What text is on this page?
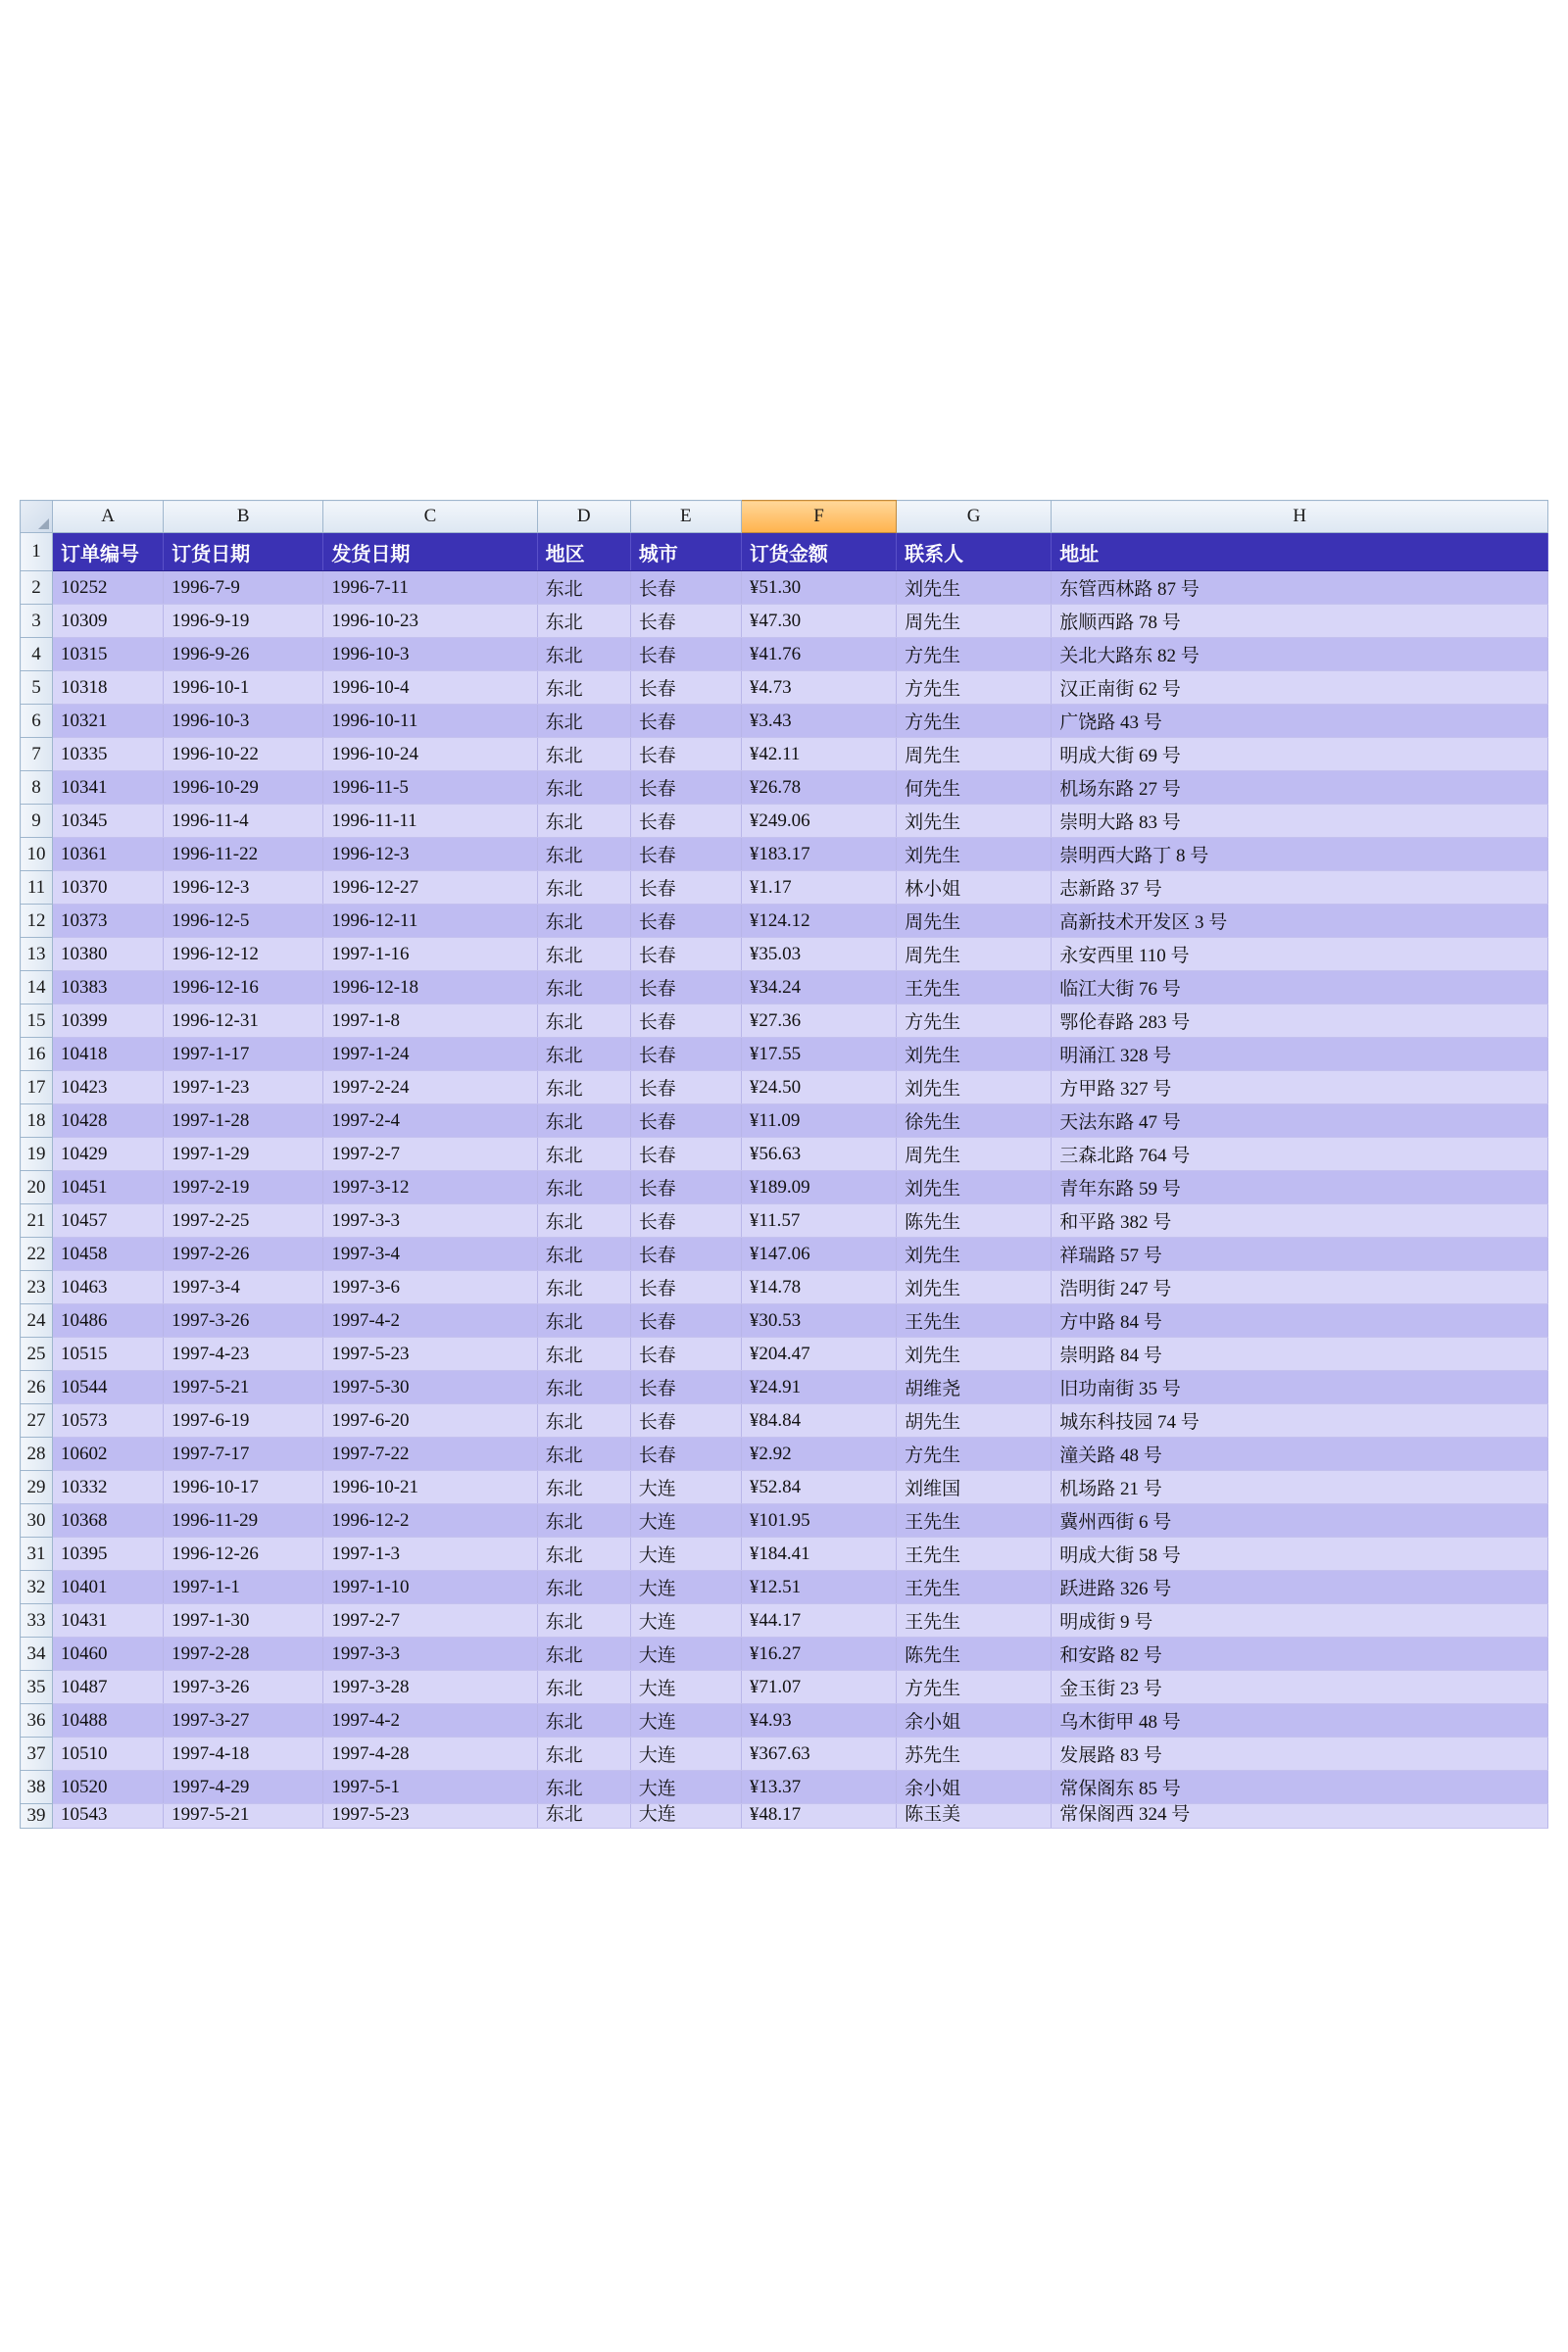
	A	B	C	D	E	F	G	H
1	订单编号	订货日期	发货日期	地区	城市	订货金额	联系人	地址
2	10252	1996-7-9	1996-7-11	东北	长春	¥51.30	刘先生	东管西林路 87 号
3	10309	1996-9-19	1996-10-23	东北	长春	¥47.30	周先生	旅顺西路 78 号
4	10315	1996-9-26	1996-10-3	东北	长春	¥41.76	方先生	关北大路东 82 号
5	10318	1996-10-1	1996-10-4	东北	长春	¥4.73	方先生	汉正南街 62 号
6	10321	1996-10-3	1996-10-11	东北	长春	¥3.43	方先生	广饶路 43 号
7	10335	1996-10-22	1996-10-24	东北	长春	¥42.11	周先生	明成大街 69 号
8	10341	1996-10-29	1996-11-5	东北	长春	¥26.78	何先生	机场东路 27 号
9	10345	1996-11-4	1996-11-11	东北	长春	¥249.06	刘先生	崇明大路 83 号
10	10361	1996-11-22	1996-12-3	东北	长春	¥183.17	刘先生	崇明西大路丁 8 号
11	10370	1996-12-3	1996-12-27	东北	长春	¥1.17	林小姐	志新路 37 号
12	10373	1996-12-5	1996-12-11	东北	长春	¥124.12	周先生	高新技术开发区 3 号
13	10380	1996-12-12	1997-1-16	东北	长春	¥35.03	周先生	永安西里 110 号
14	10383	1996-12-16	1996-12-18	东北	长春	¥34.24	王先生	临江大街 76 号
15	10399	1996-12-31	1997-1-8	东北	长春	¥27.36	方先生	鄂伦春路 283 号
16	10418	1997-1-17	1997-1-24	东北	长春	¥17.55	刘先生	明涌江 328 号
17	10423	1997-1-23	1997-2-24	东北	长春	¥24.50	刘先生	方甲路 327 号
18	10428	1997-1-28	1997-2-4	东北	长春	¥11.09	徐先生	天法东路 47 号
19	10429	1997-1-29	1997-2-7	东北	长春	¥56.63	周先生	三森北路 764 号
20	10451	1997-2-19	1997-3-12	东北	长春	¥189.09	刘先生	青年东路 59 号
21	10457	1997-2-25	1997-3-3	东北	长春	¥11.57	陈先生	和平路 382 号
22	10458	1997-2-26	1997-3-4	东北	长春	¥147.06	刘先生	祥瑞路 57 号
23	10463	1997-3-4	1997-3-6	东北	长春	¥14.78	刘先生	浩明街 247 号
24	10486	1997-3-26	1997-4-2	东北	长春	¥30.53	王先生	方中路 84 号
25	10515	1997-4-23	1997-5-23	东北	长春	¥204.47	刘先生	崇明路 84 号
26	10544	1997-5-21	1997-5-30	东北	长春	¥24.91	胡维尧	旧功南街 35 号
27	10573	1997-6-19	1997-6-20	东北	长春	¥84.84	胡先生	城东科技园 74 号
28	10602	1997-7-17	1997-7-22	东北	长春	¥2.92	方先生	潼关路 48 号
29	10332	1996-10-17	1996-10-21	东北	大连	¥52.84	刘维国	机场路 21 号
30	10368	1996-11-29	1996-12-2	东北	大连	¥101.95	王先生	冀州西街 6 号
31	10395	1996-12-26	1997-1-3	东北	大连	¥184.41	王先生	明成大街 58 号
32	10401	1997-1-1	1997-1-10	东北	大连	¥12.51	王先生	跃进路 326 号
33	10431	1997-1-30	1997-2-7	东北	大连	¥44.17	王先生	明成街 9 号
34	10460	1997-2-28	1997-3-3	东北	大连	¥16.27	陈先生	和安路 82 号
35	10487	1997-3-26	1997-3-28	东北	大连	¥71.07	方先生	金玉街 23 号
36	10488	1997-3-27	1997-4-2	东北	大连	¥4.93	余小姐	乌木街甲 48 号
37	10510	1997-4-18	1997-4-28	东北	大连	¥367.63	苏先生	发展路 83 号
38	10520	1997-4-29	1997-5-1	东北	大连	¥13.37	余小姐	常保阁东 85 号
39	10543	1997-5-21	1997-5-23	东北	大连	¥48.17	陈玉美	常保阁西 324 号
